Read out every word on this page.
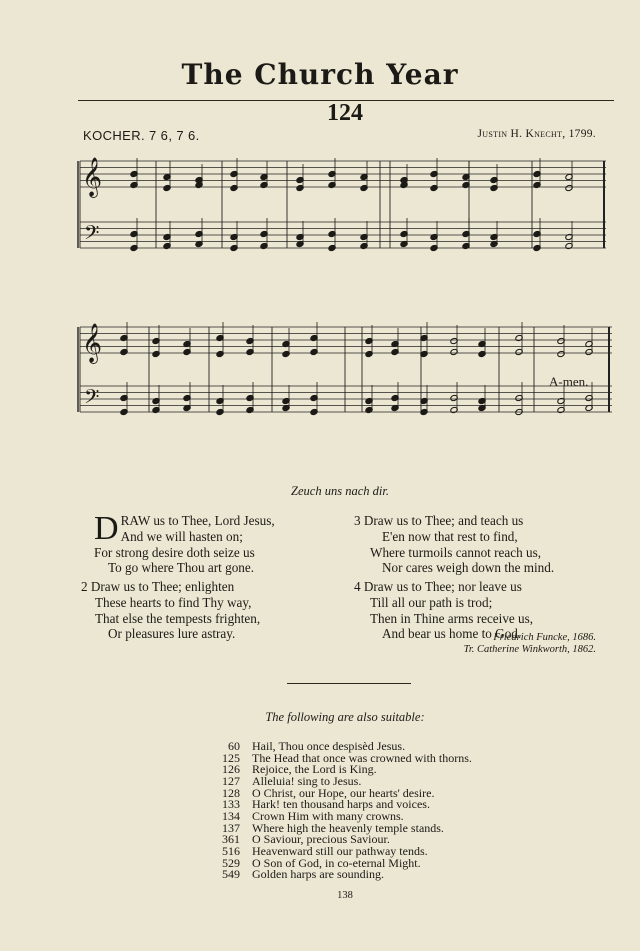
The Church Year
124
KOCHER. 7 6, 7 6.	Justin H. Knecht, 1799.
𝄞
𝄢
𝄞
𝄢
A-men.
Zeuch uns nach dir.
D RAW us to Thee, Lord Jesus,
And we will hasten on;
For strong desire doth seize us
To go where Thou art gone.
2 Draw us to Thee; enlighten
These hearts to find Thy way,
That else the tempests frighten,
Or pleasures lure astray.
3 Draw us to Thee; and teach us
E'en now that rest to find,
Where turmoils cannot reach us,
Nor cares weigh down the mind.
4 Draw us to Thee; nor leave us
Till all our path is trod;
Then in Thine arms receive us,
And bear us home to God.
Friedrich Funcke, 1686.
Tr. Catherine Winkworth, 1862.
The following are also suitable:
60	Hail, Thou once despisèd Jesus.
125	The Head that once was crowned with thorns.
126	Rejoice, the Lord is King.
127	Alleluia! sing to Jesus.
128	O Christ, our Hope, our hearts' desire.
133	Hark! ten thousand harps and voices.
134	Crown Him with many crowns.
137	Where high the heavenly temple stands.
361	O Saviour, precious Saviour.
516	Heavenward still our pathway tends.
529	O Son of God, in co-eternal Might.
549	Golden harps are sounding.
138
